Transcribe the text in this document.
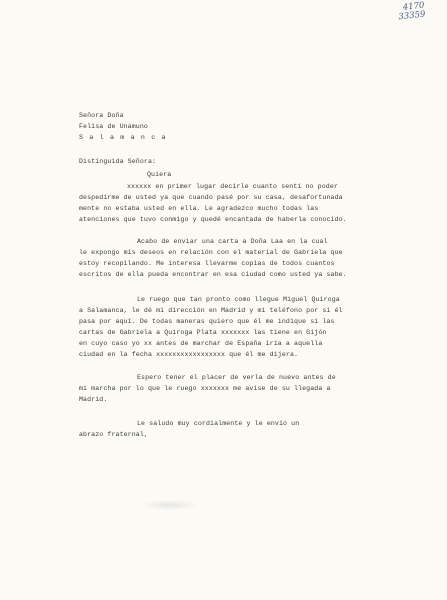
4170
33359
Señora Doña
Felisa de Unamuno
S a l a m a n c a
Distinguida Señora:
Quiera
xxxxxx en primer lugar decirle cuanto sentí no poder
despedirme de usted ya que cuando pasé por su casa, desafortunada
mente no estaba usted en ella. Le agradezco mucho todas las
atenciones que tuvo conmigo y quedé encantada de haberla conocido.
Acabo de enviar una carta a Doña Laa en la cual
le expongo mis deseos en relación con el material de Gabriela que
estoy recopilando. Me interesa llevarme copias de todos cuantos
escritos de ella pueda encontrar en esa ciudad como usted ya sabe.
Le ruego que tan pronto como llegue Miguel Quiroga
a Salamanca, le dé mi dirección en Madrid y mi teléfono por si él
pasa por aquí. De todas maneras quiero que él me indique si las
cartas de Gabriela a Quiroga Plata xxxxxxx las tiene en Gijón
en cuyo caso yo xx antes de marchar de España iría a aquella
ciudad en la fecha xxxxxxxxxxxxxxxxx que él me dijera.
Espero tener el placer de verla de nuevo antes de
mi marcha por lo que le ruego xxxxxxx me avise de su llegada a
Madrid.
Le saludo muy cordialmente y le envío un
abrazo fraternal,
